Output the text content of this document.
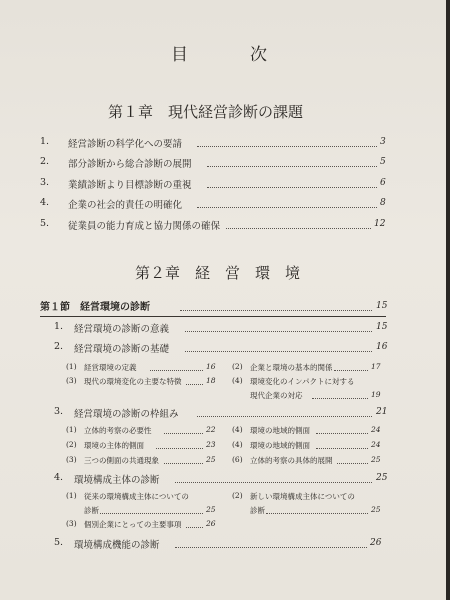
目	次
第１章　現代経営診断の課題
1. 経営診断の科学化への要請	3
2. 部分診断から総合診断の展開	5
3. 業績診断より目標診断の重視	6
4. 企業の社会的責任の明確化	8
5. 従業員の能力育成と協力関係の確保	12
第２章　経　営　環　境
第１節　経営環境の診断	15
1. 経営環境の診断の意義	15
2. 経営環境の診断の基礎	16
(1) 経営環境の定義	16 (2) 企業と環境の基本的関係	17
(3) 現代の環境変化の主要な特徴	18 (4) 環境変化のインパクトに対する
現代企業の対応	19
3. 経営環境の診断の枠組み	21
(1) 立体的考察の必要性	22 (4) 環境の地域的側面	24
(2) 環境の主体的側面	23 (4) 環境の地域的側面	24
(3) 三つの側面の共通現象	25 (6) 立体的考察の具体的展開	25
4. 環境構成主体の診断	25
(1) 従来の環境構成主体についての
診断	25
(2) 新しい環境構成主体についての
診断	25
(3) 個別企業にとっての主要事項	26
5. 環境構成機能の診断	26
